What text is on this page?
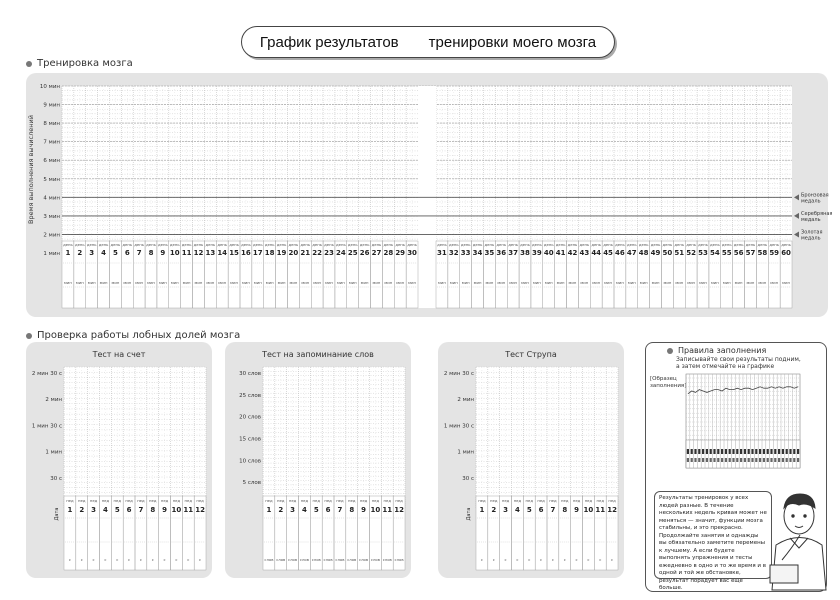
График результатов тренировки моего мозга
Тренировка мозга
10 мин
9 мин
8 мин
7 мин
6 мин
5 мин
4 мин
3 мин
2 мин
1 мин
Бронзовая медаль
Серебряная медаль
Золотая медаль
Время выполнения вычислений
день
1
мин
день
2
мин
день
3
мин
день
4
мин
день
5
мин
день
6
мин
день
7
мин
день
8
мин
день
9
мин
день
10
мин
день
11
мин
день
12
мин
день
13
мин
день
14
мин
день
15
мин
день
16
мин
день
17
мин
день
18
мин
день
19
мин
день
20
мин
день
21
мин
день
22
мин
день
23
мин
день
24
мин
день
25
мин
день
26
мин
день
27
мин
день
28
мин
день
29
мин
день
30
мин
день
31
мин
день
32
мин
день
33
мин
день
34
мин
день
35
мин
день
36
мин
день
37
мин
день
38
мин
день
39
мин
день
40
мин
день
41
мин
день
42
мин
день
43
мин
день
44
мин
день
45
мин
день
46
мин
день
47
мин
день
48
мин
день
49
мин
день
50
мин
день
51
мин
день
52
мин
день
53
мин
день
54
мин
день
55
мин
день
56
мин
день
57
мин
день
58
мин
день
59
мин
день
60
мин
Проверка работы лобных долей мозга
Тест на счет	Тест на запоминание слов	Тест Струпа
2 мин 30 с
2 мин
1 мин 30 с
1 мин
30 с
Дата
нед
1
с
нед
2
с
нед
3
с
нед
4
с
нед
5
с
нед
6
с
нед
7
с
нед
8
с
нед
9
с
нед
10
с
нед
11
с
нед
12
с
30 слов
25 слов
20 слов
15 слов
10 слов
5 слов
нед
1
слов
нед
2
слов
нед
3
слов
нед
4
слов
нед
5
слов
нед
6
слов
нед
7
слов
нед
8
слов
нед
9
слов
нед
10
слов
нед
11
слов
нед
12
слов
2 мин 30 с
2 мин
1 мин 30 с
1 мин
30 с
Дата
нед
1
с
нед
2
с
нед
3
с
нед
4
с
нед
5
с
нед
6
с
нед
7
с
нед
8
с
нед
9
с
нед
10
с
нед
11
с
нед
12
с
Правила заполнения
Записывайте свои результаты подним, а затем отмечайте на графике
[Образец заполнения]
Результаты тренировок у всех людей разные. В течение нескольких недель кривая может не меняться — значит, функции мозга стабильны, и это прекрасно. Продолжайте занятия и однажды вы обязательно заметите перемены к лучшему. А если будете выполнять упражнения и тесты ежедневно в одно и то же время и в одной и той же обстановке, результат порадует вас еще больше.
